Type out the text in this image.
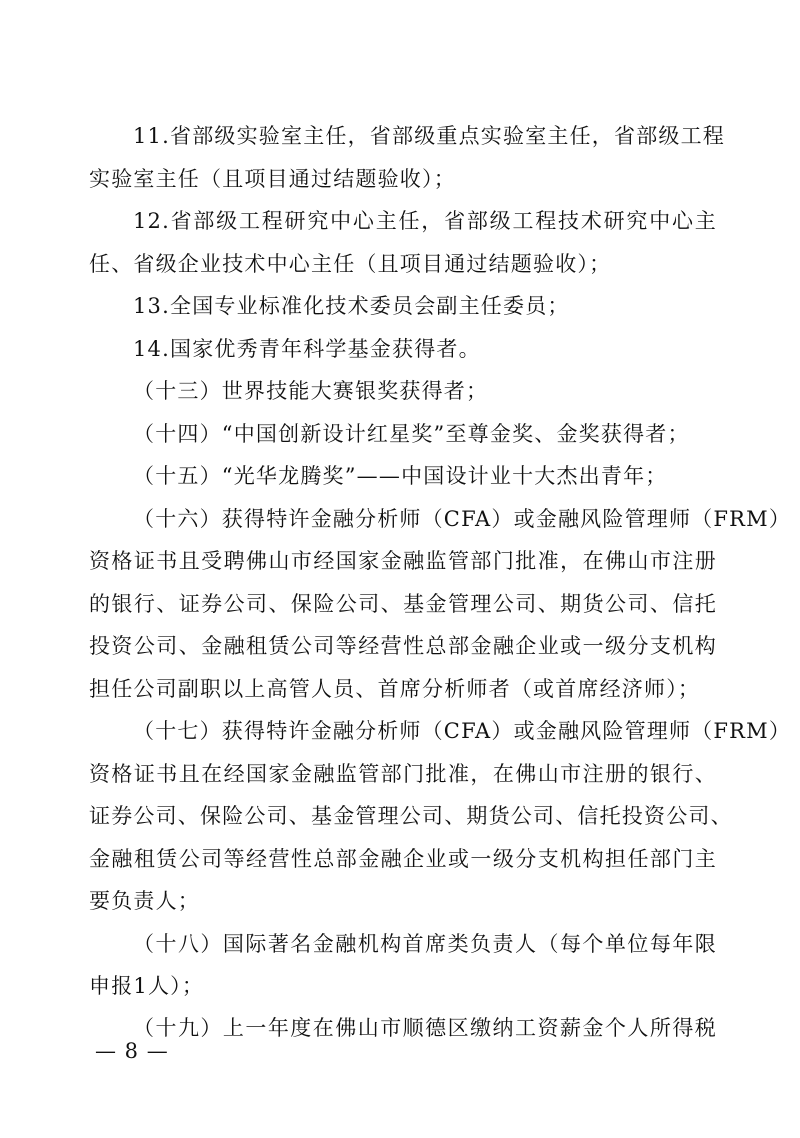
11.省部级实验室主任，省部级重点实验室主任，省部级工程
实验室主任（且项目通过结题验收）；
12.省部级工程研究中心主任，省部级工程技术研究中心主
任、省级企业技术中心主任（且项目通过结题验收）；
13.全国专业标准化技术委员会副主任委员；
14.国家优秀青年科学基金获得者。
（十三）世界技能大赛银奖获得者；
（十四）“中国创新设计红星奖”至尊金奖、金奖获得者；
（十五）“光华龙腾奖”——中国设计业十大杰出青年；
（十六）获得特许金融分析师（CFA）或金融风险管理师（FRM）
资格证书且受聘佛山市经国家金融监管部门批准，在佛山市注册
的银行、证券公司、保险公司、基金管理公司、期货公司、信托
投资公司、金融租赁公司等经营性总部金融企业或一级分支机构
担任公司副职以上高管人员、首席分析师者（或首席经济师）；
（十七）获得特许金融分析师（CFA）或金融风险管理师（FRM）
资格证书且在经国家金融监管部门批准，在佛山市注册的银行、
证券公司、保险公司、基金管理公司、期货公司、信托投资公司、
金融租赁公司等经营性总部金融企业或一级分支机构担任部门主
要负责人；
（十八）国际著名金融机构首席类负责人（每个单位每年限
申报1人）；
（十九）上一年度在佛山市顺德区缴纳工资薪金个人所得税
— 8 —
